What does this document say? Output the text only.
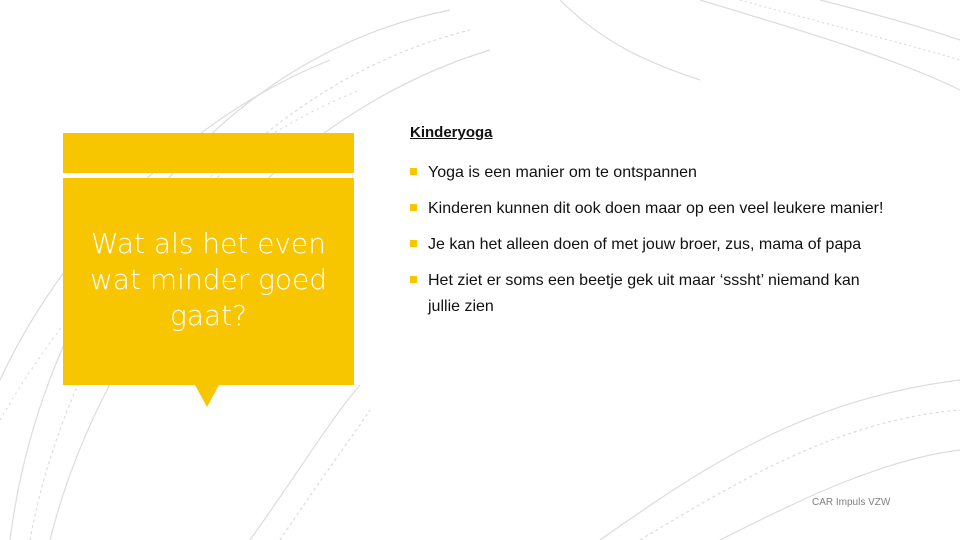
Wat als het even wat minder goed gaat?
Kinderyoga
Yoga is een manier om te ontspannen
Kinderen kunnen dit ook doen maar op een veel leukere manier!
Je kan het alleen doen of met jouw broer, zus, mama of papa
Het ziet er soms een beetje gek uit maar ‘sssht’ niemand kan jullie zien
CAR Impuls VZW
